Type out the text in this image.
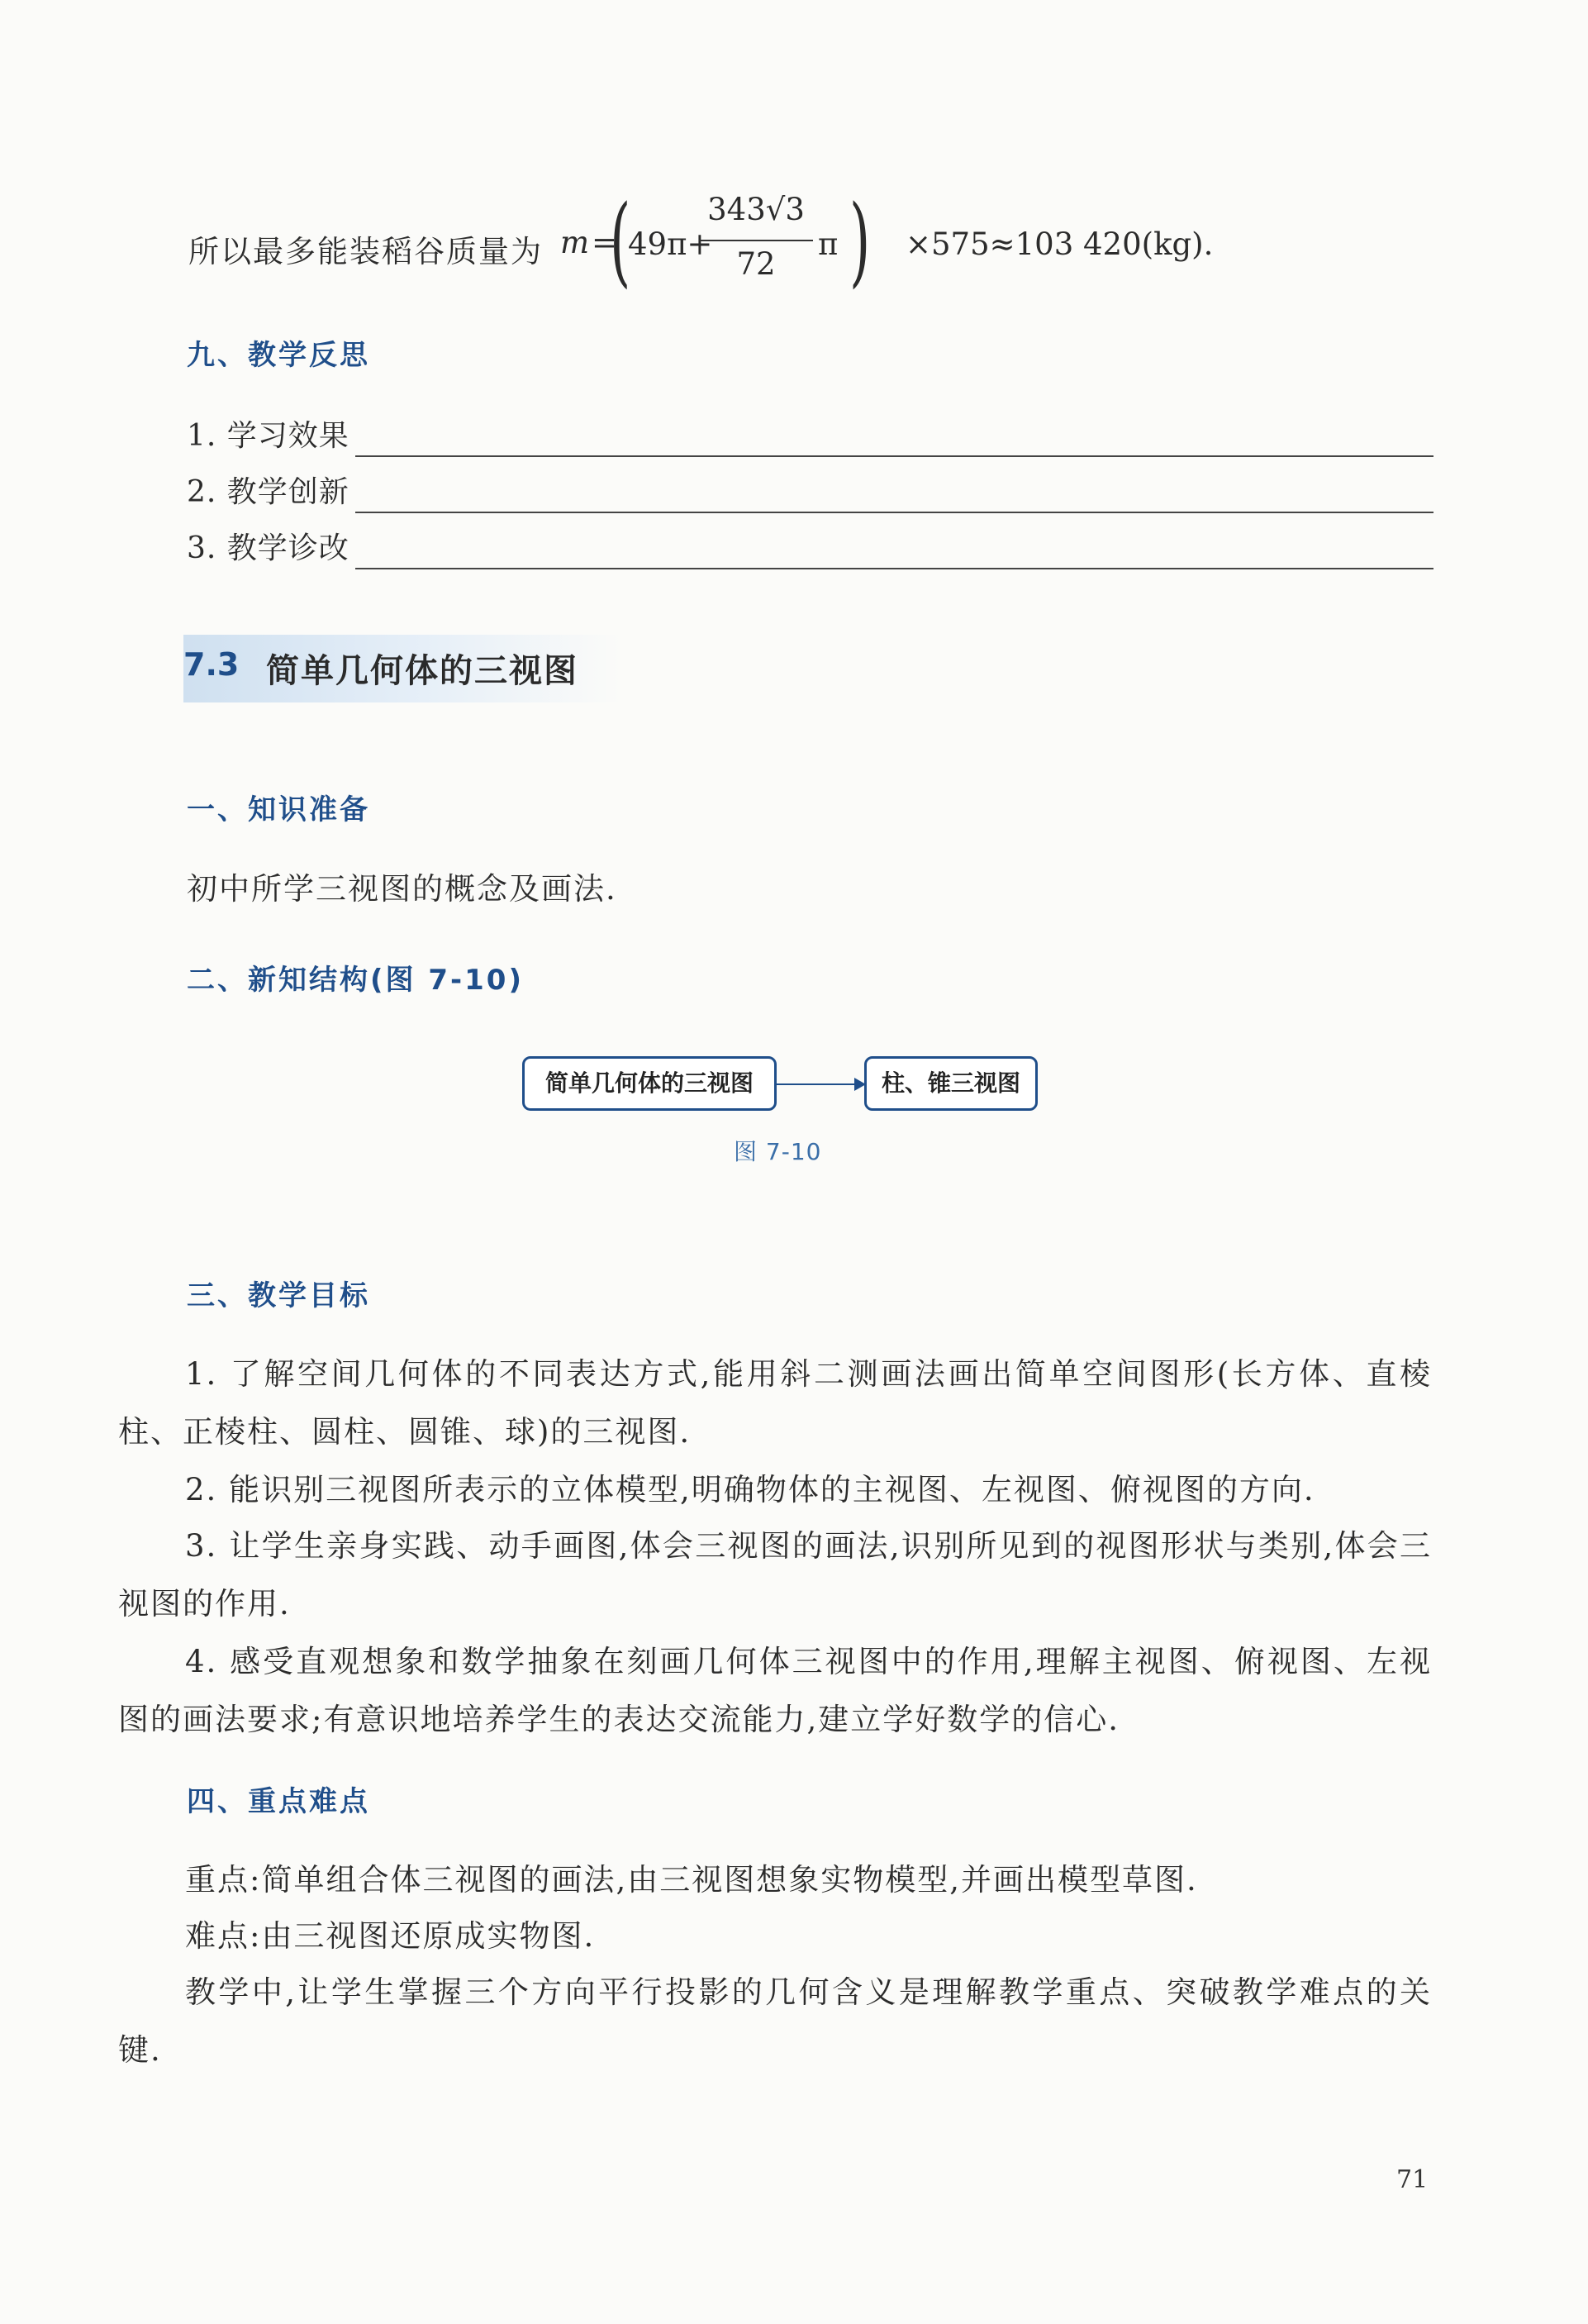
所以最多能装稻谷质量为 m =
(
49π+
343√3
72
π ) ×575≈103 420(kg).
九、教学反思
1. 学习效果
2. 教学创新
3. 教学诊改
7.3 简单几何体的三视图
一、知识准备
初中所学三视图的概念及画法.
二、新知结构(图 7-10)
简单几何体的三视图	柱、锥三视图
图 7-10
三、教学目标
1. 了解空间几何体的不同表达方式,能用斜二测画法画出简单空间图形(长方体、直棱柱、正棱柱、圆柱、圆锥、球)的三视图.
2. 能识别三视图所表示的立体模型,明确物体的主视图、左视图、俯视图的方向.
3. 让学生亲身实践、动手画图,体会三视图的画法,识别所见到的视图形状与类别,体会三视图的作用.
4. 感受直观想象和数学抽象在刻画几何体三视图中的作用,理解主视图、俯视图、左视图的画法要求;有意识地培养学生的表达交流能力,建立学好数学的信心.
四、重点难点
重点:简单组合体三视图的画法,由三视图想象实物模型,并画出模型草图.
难点:由三视图还原成实物图.
教学中,让学生掌握三个方向平行投影的几何含义是理解教学重点、突破教学难点的关键.
71
